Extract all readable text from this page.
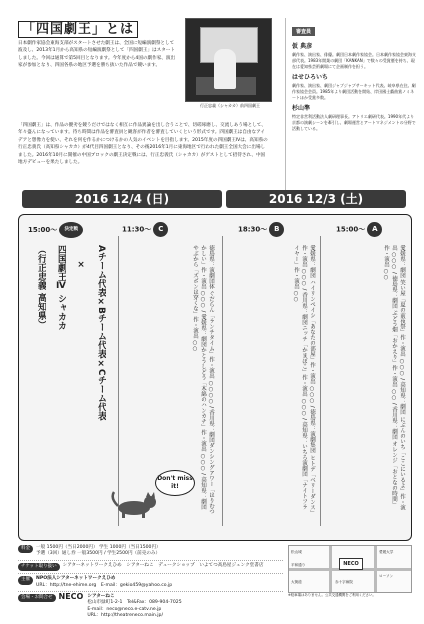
「四国劇王」とは
日本劇作家協会東海支部がスタートさせた劇王は、全国に短編演劇祭として波及し、2013年1月から高知県の短編演劇祭として「四国劇王」はスタートしました。今回は通算で第5回目となります。今年度から4国の劇作家、演出家が参加となり、四国各県の地区予選を勝ち抜いた作品で競います。
「四国劇王」は、作品の優劣を競うだけではなく相互に作品異論を出し合うことで、切磋琢磨し、交流しあう場として、年々盛んになっています。待ち時間は作品を審査員と観客が作者を審査していくという形式です。四国劇王は自由なアイデアと想像力を使い、それを何を作るかにつけるかの人気のイベントを目指します。2015年度の四国劇王Ⅳは、高知県の行正忠義氏（高知県シャカカ）が4代目四国劇王となり、その後2016年1月に東海地区で行われた劇王全国大会に出場しました。2016年10月に開催の中国ブロックの劇王決定戦には、行正忠義氏（シャカカ）がゲストとして招待され、中国地方デビューを果たしました。
行正忠義（シャカカ）前四国劇王
審査員
仮 典彦
劇作家、演出家、俳優。劇団日本劇作家協会。日本劇作家協会東海支部代表。1983年開業の劇団「KANKAN」で数々の受賞歴を持ち、現在は愛知県芸術劇場にて企画制作を担う。
はせひろいち
劇作家、演出家、劇団ジャブジャブサーキット代表。岐阜県在住。劇作家協会会員。1985年より劇団活動を開始、岸田國士戯曲賞ノミネートほか受賞多数。
杉山準
特定非営利活動法人劇研理事長。アトリエ劇研代表。1990年代より京都の演劇シーンを牽引し、劇場運営とアートマネジメントの分野で活動している。
2016 12/4 (日)	2016 12/3 (土)
15:00～ 決定戦	11:30～ C	18:30～ B	15:00～ A
Aチーム代表×Bチーム代表×Cチーム代表
×
四国劇王Ⅳ シャカカ
（行正忠義 高知県）	徳島県：演劇団体 ぐだらん「ランチタイム」作・演出 ○○○○ / 香川県：劇団ダンシングアワー「はりむつかしい」作・演出 ○○○ / 愛媛県：劇団かとうしどう「木綿のハンカチ」作・演出 ○○○ / 高知県：劇団 やぶから「ズボンは穿くな」作・演出 ○○	愛媛県：劇団 ハイリンペイシ「あなたの部屋」作・演出 ○○○ / 徳島県：演劇集団 ヒトデ「ベリーダンス」作・演出 ○○○ / 香川県：劇団ニッチ「かまぼこ」作・演出 ○○○ / 高知県：いちろ演劇団「ナイトフライヤー」作・演出 ○○	愛媛県：劇団 笑い屋「夏の前夜祭」作・演出 ○○○ / 高知県：劇団 にぶんのいち「ここにいるよ」作・演出 ○○○ / 徳島県：劇団 ぶどう畑「おかえり」作・演出 ○○ / 香川県：劇団 オレンジ「おとなの時間」作・演出 ○○
Don't miss it!
料金	一般 1500円（当日2000円） 学生 1000円（当日1500円）
予選（3回）通し券 一般3500円 / 学生2500円（前売のみ）
チケット取り扱い	シアターネットワークえひめ　シアターねこ　デュークショップ　いよてつ高島屋ジュンク堂書店
主催	NPO法人シアターネットワークえひめ
URL：http://tne-ehime.org　 E-mail：gekio459@yahoo.co.jp
会場・お問合せ NECO シアターねこ
松山市緑町1-2-1　 Tel&Fax：089-904-7025
E-mail：neco@neco.e-catv.ne.jp
URL：http://theatreneco.main.jp/
愛媛大学
平和通り
松山城
ローソン
赤十字病院
大街道
NECO
※駐車場はありません。公共交通機関をご利用ください。
